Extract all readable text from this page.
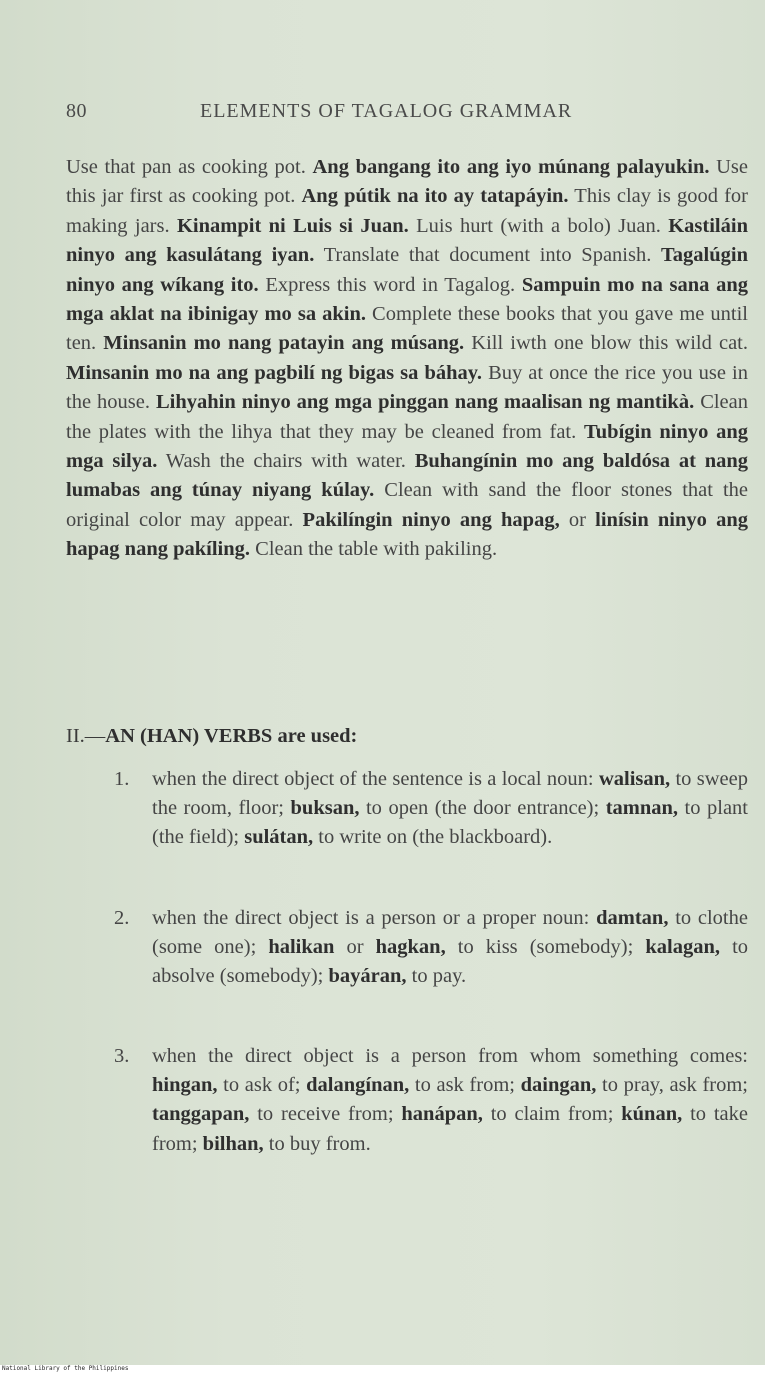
80	ELEMENTS OF TAGALOG GRAMMAR
Use that pan as cooking pot. Ang bangang ito ang iyo múnang palayukin. Use this jar first as cooking pot. Ang pútik na ito ay tatapáyin. This clay is good for making jars. Kinampit ni Luis si Juan. Luis hurt (with a bolo) Juan. Kastiláin ninyo ang kasulátang iyan. Translate that document into Spanish. Tagalúgin ninyo ang wíkang ito. Express this word in Tagalog. Sampuin mo na sana ang mga aklat na ibinigay mo sa akin. Complete these books that you gave me until ten. Minsanin mo nang patayin ang músang. Kill iwth one blow this wild cat. Minsanin mo na ang pagbilí ng bigas sa báhay. Buy at once the rice you use in the house. Lihyahin ninyo ang mga pinggan nang maalisan ng mantikà. Clean the plates with the lihya that they may be cleaned from fat. Tubígin ninyo ang mga silya. Wash the chairs with water. Buhangínin mo ang baldósa at nang lumabas ang túnay niyang kúlay. Clean with sand the floor stones that the original color may appear. Pakilíngin ninyo ang hapag, or linísin ninyo ang hapag nang pakíling. Clean the table with pakiling.
II.—AN (HAN) VERBS are used:
1.	when the direct object of the sentence is a local noun: walisan, to sweep the room, floor; buksan, to open (the door entrance); tamnan, to plant (the field); sulátan, to write on (the blackboard).
2.	when the direct object is a person or a proper noun: damtan, to clothe (some one); halikan or hagkan, to kiss (somebody); kalagan, to absolve (somebody); bayáran, to pay.
3.	when the direct object is a person from whom something comes: hingan, to ask of; dalangínan, to ask from; daingan, to pray, ask from; tanggapan, to receive from; hanápan, to claim from; kúnan, to take from; bilhan, to buy from.
National Library of the Philippines
